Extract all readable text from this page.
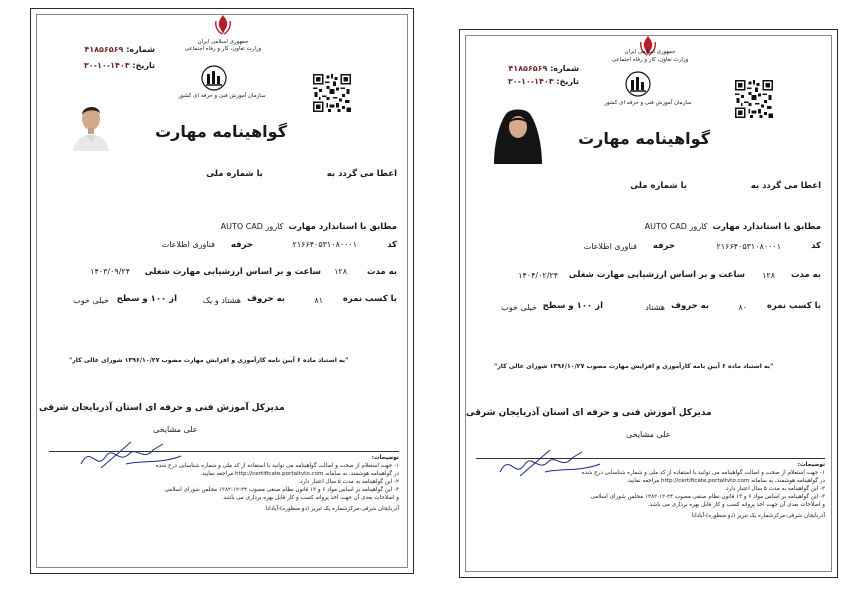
شماره: ۴۱۸۵۶۵۶۹
تاریخ: ۱۴۰۳-۱۰-۳۰
جمهوری اسلامی ایران
وزارت تعاون، کار و رفاه اجتماعی
سازمان آموزش فنی و حرفه ای کشور
گواهینامه مهارت
اعطا می گردد به
با شماره ملی
مطابق با استاندارد مهارت کارور AUTO CAD
کد
۲۱۶۶۴۰۵۳۱۰۸۰۰۰۱
حرفه
فناوری اطلاعات
به مدت
۱۲۸
ساعت و بر اساس ارزشیابی مهارت شغلی
۱۴۰۳/۰۹/۲۴
با کسب نمره
۸۱
به حروف
هشتاد و یک
از ۱۰۰ و سطح
خیلی خوب
"به استناد ماده ۶ آیین نامه کارآموزی و افزایش مهارت مصوب ۱۳۹۶/۱۰/۲۷ شورای عالی کار"
مدیرکل آموزش فنی و حرفه ای استان آذربایجان شرقی
علی مشایخی
توضیحات:
۱- جهت استعلام از صحت و اصالت گواهینامه می توانید با استفاده از کد ملی و شماره شناسایی درج شده
در گواهینامه هوشمند، به سامانه http://certificate.portaltvto.com مراجعه نمایید.
۲- این گواهینامه به مدت ۵ سال اعتبار دارد.
۳- این گواهینامه بر اساس مواد ۶ و ۱۳ قانون نظام صنفی مصوب ۲۴-۱۲-۱۳۸۲ مجلس شورای اسلامی
و اصلاحات بعدی آن جهت اخذ پروانه کسب و کار قابل بهره برداری می باشد.
آذربایجان شرقی-مرکزشماره یک تبریز (دو منظوره)-آیادانا
شماره: ۴۱۸۵۶۵۶۹
تاریخ: ۱۴۰۳-۱۰-۳۰
جمهوری اسلامی ایران
وزارت تعاون، کار و رفاه اجتماعی
سازمان آموزش فنی و حرفه ای کشور
گواهینامه مهارت
اعطا می گردد به
با شماره ملی
مطابق با استاندارد مهارت کارور AUTO CAD
کد
۲۱۶۶۴۰۵۳۱۰۸۰۰۰۱
حرفه
فناوری اطلاعات
به مدت
۱۲۸
ساعت و بر اساس ارزشیابی مهارت شغلی
۱۴۰۴/۰۲/۲۴
با کسب نمره
۸۰
به حروف
هشتاد
از ۱۰۰ و سطح
خیلی خوب
"به استناد ماده ۶ آیین نامه کارآموزی و افزایش مهارت مصوب ۱۳۹۶/۱۰/۲۷ شورای عالی کار"
مدیرکل آموزش فنی و حرفه ای استان آذربایجان شرقی
علی مشایخی
توضیحات:
۱- جهت استعلام از صحت و اصالت گواهینامه می توانید با استفاده از کد ملی و شماره شناسایی درج شده
در گواهینامه هوشمند، به سامانه http://certificate.portaltvto.com مراجعه نمایید.
۲- این گواهینامه به مدت ۵ سال اعتبار دارد.
۳- این گواهینامه بر اساس مواد ۶ و ۱۳ قانون نظام صنفی مصوب ۲۴-۱۲-۱۳۸۲ مجلس شورای اسلامی
و اصلاحات بعدی آن جهت اخذ پروانه کسب و کار قابل بهره برداری می باشد.
آذربایجان شرقی-مرکزشماره یک تبریز (دو منظوره)-آیادانا
